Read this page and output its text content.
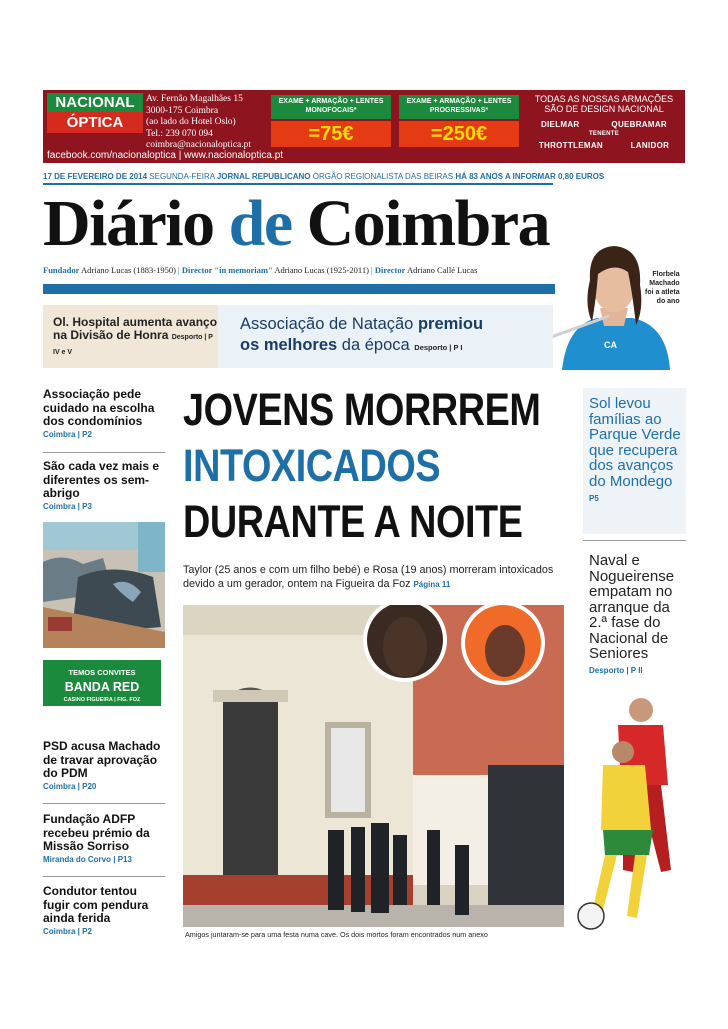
NACIONAL
ÓPTICA
Av. Fernão Magalhães 15
3000-175 Coimbra
(ao lado do Hotel Oslo)
Tel.: 239 070 094
coimbra@nacionaloptica.pt
EXAME + ARMAÇÃO + LENTES MONOFOCAIS*
=75€
EXAME + ARMAÇÃO + LENTES PROGRESSIVAS*
=250€
TODAS AS NOSSAS ARMAÇÕES
SÃO DE DESIGN NACIONAL
DIELMAR	QUEBRAMAR
TENENTE
THROTTLEMAN	LANIDOR
facebook.com/nacionaloptica | www.nacionaloptica.pt
17 DE FEVEREIRO DE 2014 SEGUNDA-FEIRA JORNAL REPUBLICANO ÓRGÃO REGIONALISTA DAS BEIRAS HÁ 83 ANOS A INFORMAR 0,80 EUROS
Diário de Coimbra
Fundador Adriano Lucas (1883-1950) | Director "in memoriam" Adriano Lucas (1925-2011) | Director Adriano Callé Lucas
CA
Florbela
Machado
foi a atleta
do ano
Ol. Hospital aumenta avanço na Divisão de Honra Desporto | P IV e V
Associação de Natação premiou
os melhores da época Desporto | P I
Associação pede cuidado na escolha dos condomínios
Coimbra | P2
São cada vez mais e diferentes os sem-abrigo
Coimbra | P3
TEMOS CONVITES
BANDA RED
CASINO FIGUEIRA | FIG. FOZ
PSD acusa Machado de travar aprovação do PDM
Coimbra | P20
Fundação ADFP recebeu prémio da Missão Sorriso
Miranda do Corvo | P13
Condutor tentou fugir com pendura ainda ferida
Coimbra | P2
JOVENS MORRREM
INTOXICADOS
DURANTE A NOITE
Taylor (25 anos e com um filho bebé) e Rosa (19 anos) morreram intoxicados devido a um gerador, ontem na Figueira da Foz Página 11
Amigos juntaram-se para uma festa numa cave. Os dois mortos foram encontrados num anexo
Sol levou famílias ao Parque Verde que recupera dos avanços do Mondego P5
Naval e Nogueirense empatam no arranque da 2.ª fase do Nacional de Seniores
Desporto | P II
